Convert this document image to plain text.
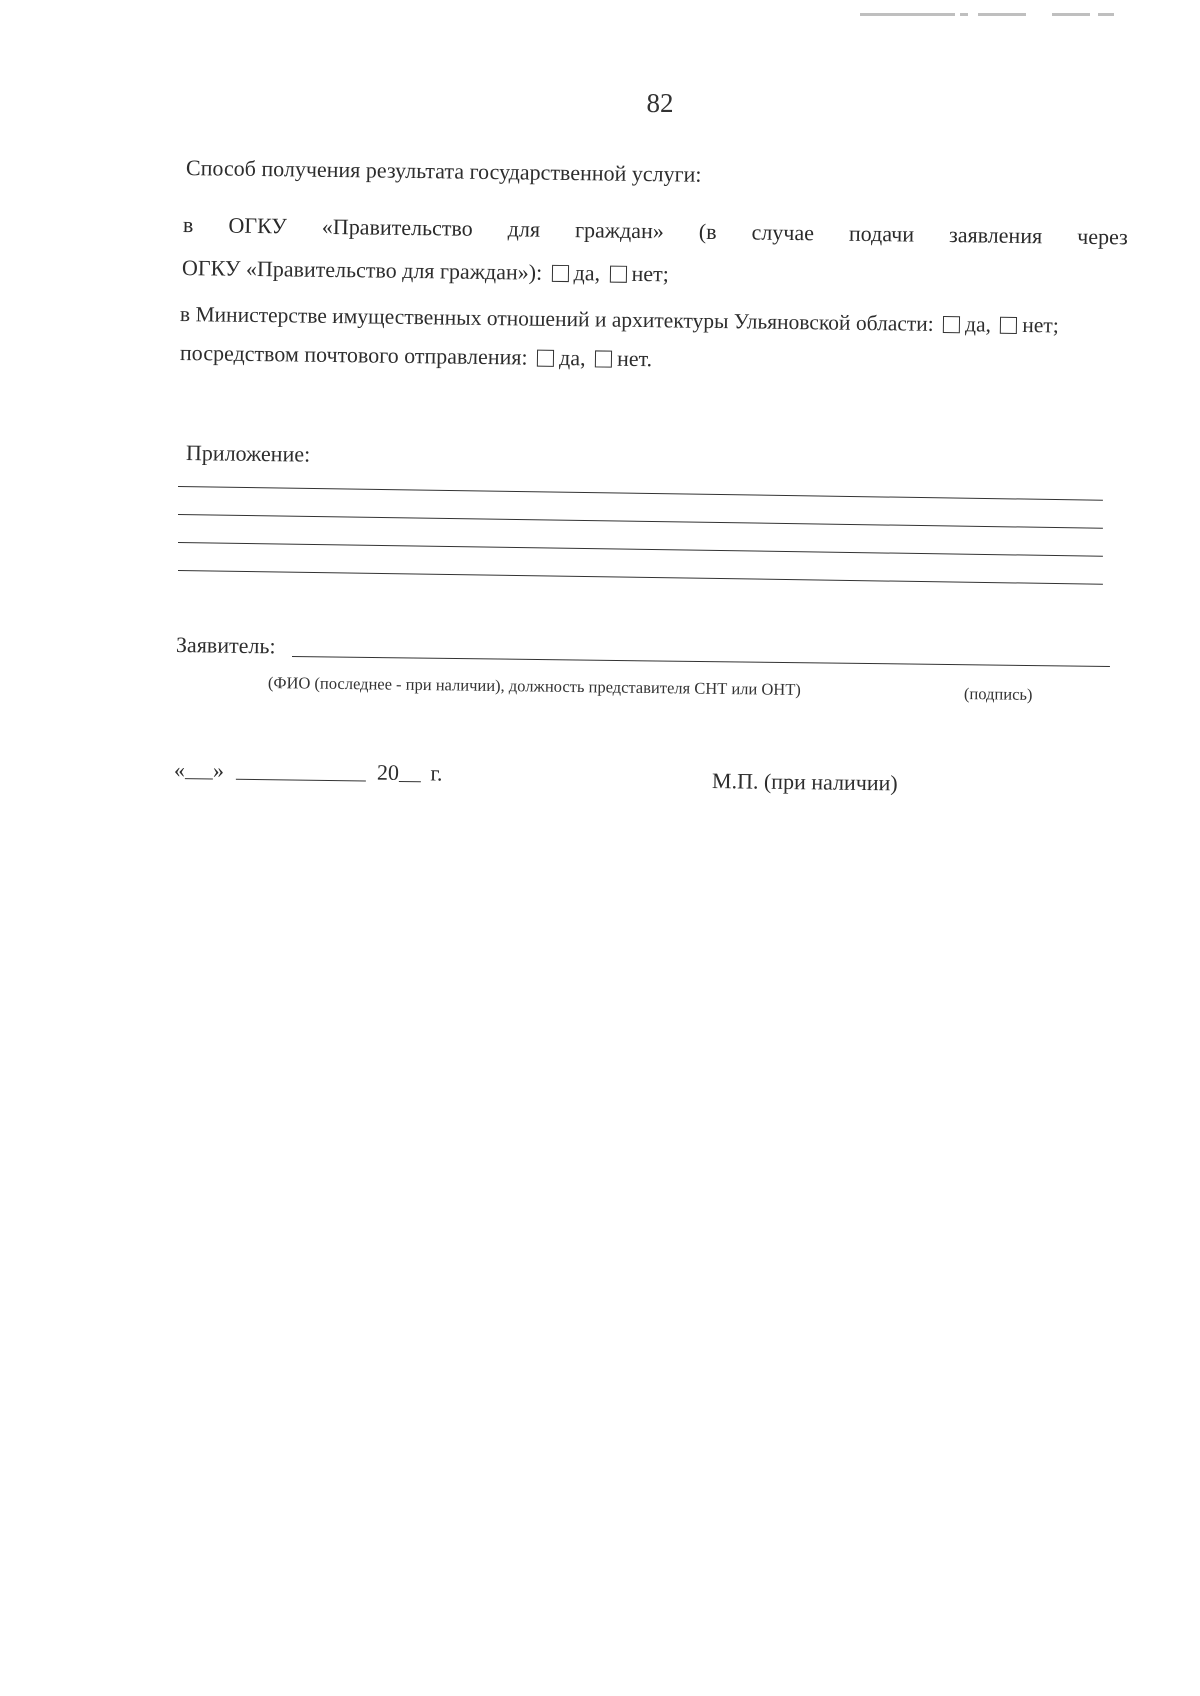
82
Способ получения результата государственной услуги:
в ОГКУ «Правительство для граждан» (в случае подачи заявления через
ОГКУ «Правительство для граждан»): да, нет;
в Министерстве имущественных отношений и архитектуры Ульяновской области: да, нет;
посредством почтового отправления: да, нет.
Приложение:
Заявитель:
(ФИО (последнее - при наличии), должность представителя СНТ или ОНТ)	(подпись)
« »	20 г.	М.П. (при наличии)
